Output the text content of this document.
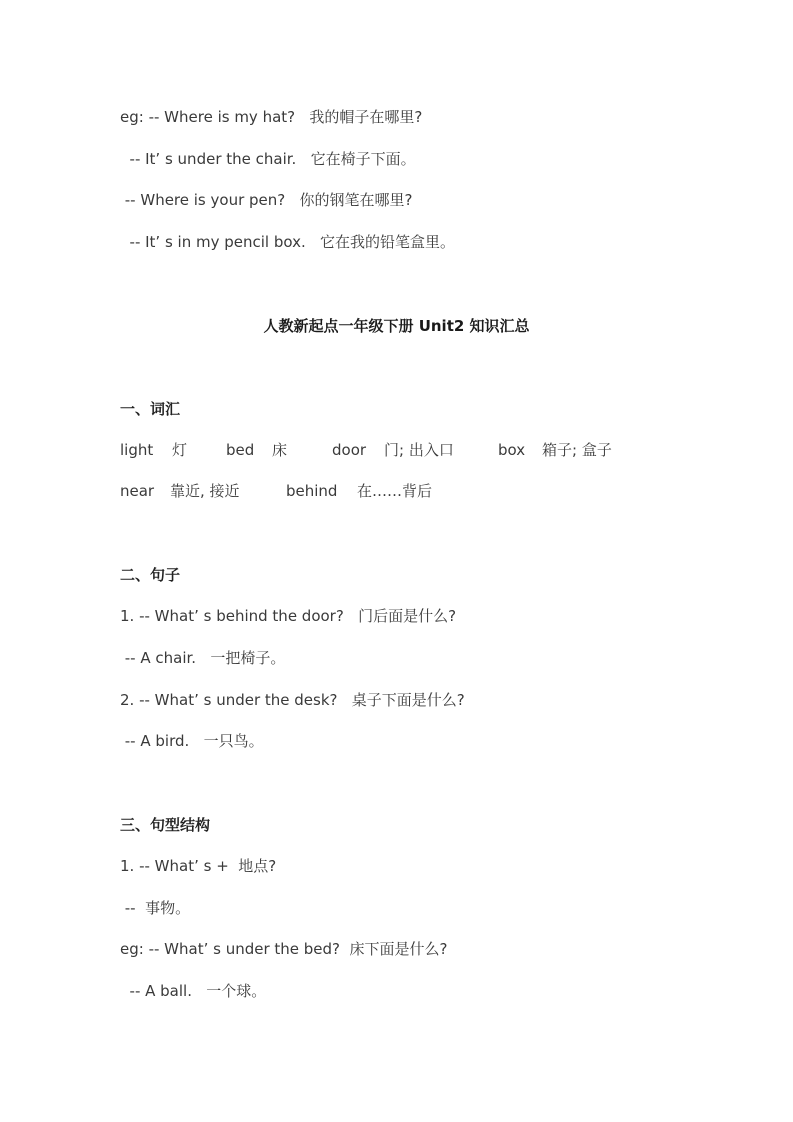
eg: -- Where is my hat?   我的帽子在哪里?
-- It’ s under the chair.   它在椅子下面。
-- Where is your pen?   你的钢笔在哪里?
-- It’ s in my pencil box.   它在我的铅笔盒里。
人教新起点一年级下册 Unit2 知识汇总
一、词汇
light 灯	bed 床	door 门; 出入口	box 箱子; 盒子
near 靠近, 接近	behind 在……背后
二、句子
1. -- What’ s behind the door?   门后面是什么?
-- A chair.   一把椅子。
2. -- What’ s under the desk?   桌子下面是什么?
-- A bird.   一只鸟。
三、句型结构
1. -- What’ s +  地点?
--  事物。
eg: -- What’ s under the bed?  床下面是什么?
-- A ball.   一个球。
